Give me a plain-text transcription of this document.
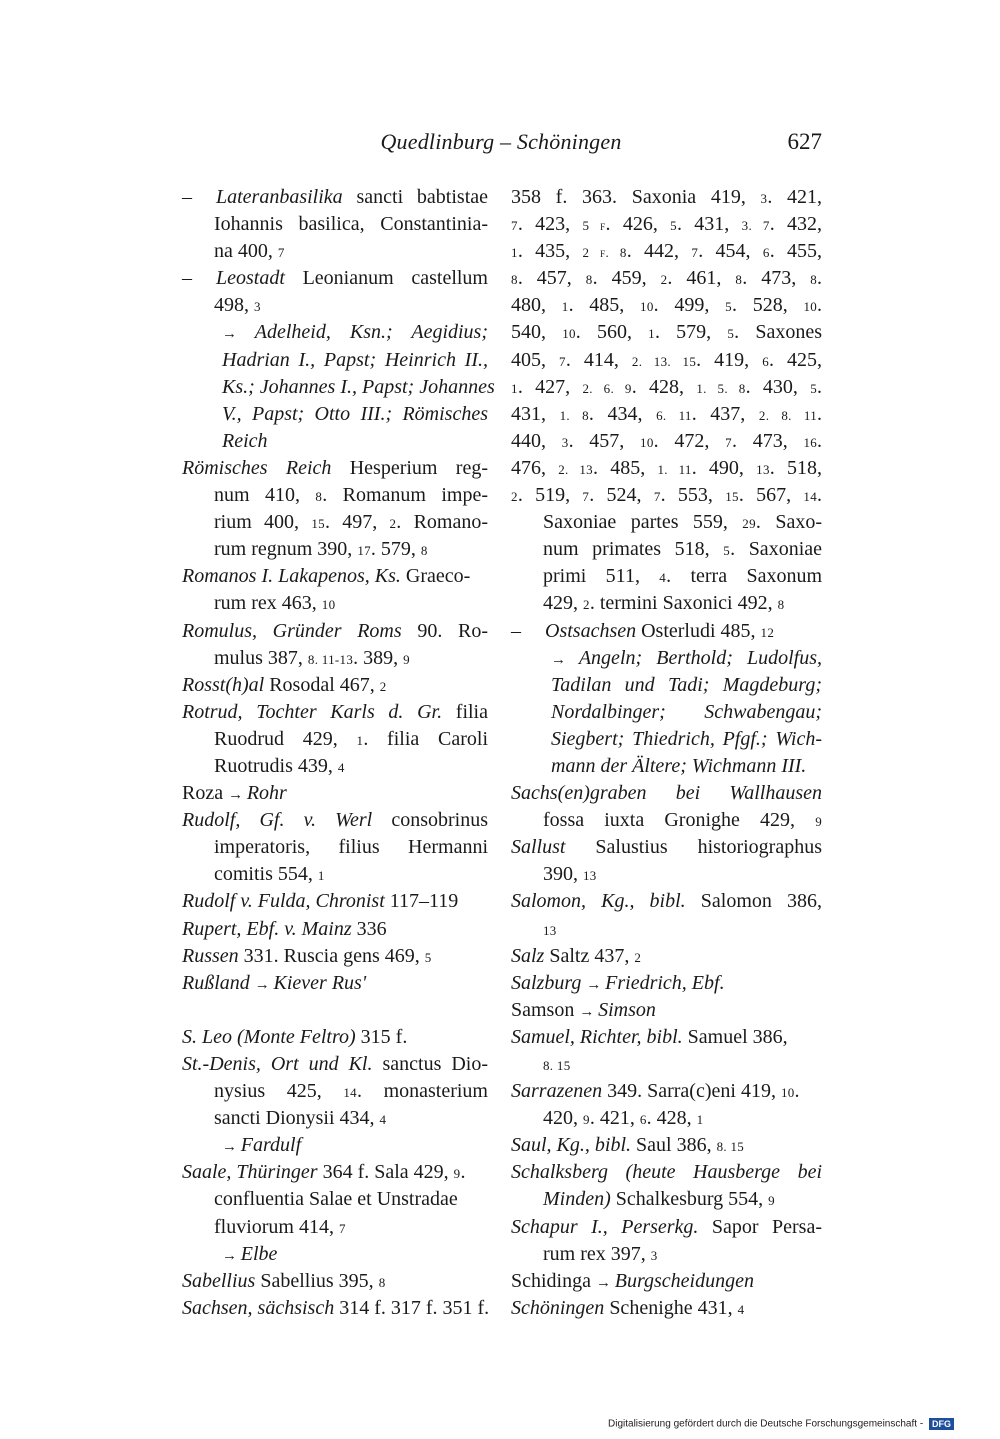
Quedlinburg – Schöningen	627
–Lateranbasilika sancti babtistae
Iohannis basilica, Constantinia-
na 400, 7
–Leostadt Leonianum castellum
498, 3
→ Adelheid, Ksn.; Aegidius;
Hadrian I., Papst; Heinrich II.,
Ks.; Johannes I., Papst; Johannes
V., Papst; Otto III.; Römisches
Reich
Römisches Reich Hesperium reg-
num 410, 8. Romanum impe-
rium 400, 15. 497, 2. Romano-
rum regnum 390, 17. 579, 8
Romanos I. Lakapenos, Ks. Graeco-
rum rex 463, 10
Romulus, Gründer Roms 90. Ro-
mulus 387, 8. 11-13. 389, 9
Rosst(h)al Rosodal 467, 2
Rotrud, Tochter Karls d. Gr. filia
Ruodrud 429, 1. filia Caroli
Ruotrudis 439, 4
Roza → Rohr
Rudolf, Gf. v. Werl consobrinus
imperatoris, filius Hermanni
comitis 554, 1
Rudolf v. Fulda, Chronist 117–119
Rupert, Ebf. v. Mainz 336
Russen 331. Ruscia gens 469, 5
Rußland → Kiever Rus'
S. Leo (Monte Feltro) 315 f.
St.-Denis, Ort und Kl. sanctus Dio-
nysius 425, 14. monasterium
sancti Dionysii 434, 4
→ Fardulf
Saale, Thüringer 364 f. Sala 429, 9.
confluentia Salae et Unstradae
fluviorum 414, 7
→ Elbe
Sabellius Sabellius 395, 8
Sachsen, sächsisch 314 f. 317 f. 351 f.
358 f. 363. Saxonia 419, 3. 421,
7. 423, 5 f. 426, 5. 431, 3. 7. 432,
1. 435, 2 f. 8. 442, 7. 454, 6. 455,
8. 457, 8. 459, 2. 461, 8. 473, 8.
480, 1. 485, 10. 499, 5. 528, 10.
540, 10. 560, 1. 579, 5. Saxones
405, 7. 414, 2. 13. 15. 419, 6. 425,
1. 427, 2. 6. 9. 428, 1. 5. 8. 430, 5.
431, 1. 8. 434, 6. 11. 437, 2. 8. 11.
440, 3. 457, 10. 472, 7. 473, 16.
476, 2. 13. 485, 1. 11. 490, 13. 518,
2. 519, 7. 524, 7. 553, 15. 567, 14.
Saxoniae partes 559, 29. Saxo-
num primates 518, 5. Saxoniae
primi 511, 4. terra Saxonum
429, 2. termini Saxonici 492, 8
–Ostsachsen Osterludi 485, 12
→ Angeln; Berthold; Ludolfus,
Tadilan und Tadi; Magdeburg;
Nordalbinger; Schwabengau;
Siegbert; Thiedrich, Pfgf.; Wich-
mann der Ältere; Wichmann III.
Sachs(en)graben bei Wallhausen
fossa iuxta Gronighe 429, 9
Sallust Salustius historiographus
390, 13
Salomon, Kg., bibl. Salomon 386,
13
Salz Saltz 437, 2
Salzburg → Friedrich, Ebf.
Samson → Simson
Samuel, Richter, bibl. Samuel 386,
8. 15
Sarrazenen 349. Sarra(c)eni 419, 10.
420, 9. 421, 6. 428, 1
Saul, Kg., bibl. Saul 386, 8. 15
Schalksberg (heute Hausberge bei
Minden) Schalkesburg 554, 9
Schapur I., Perserkg. Sapor Persa-
rum rex 397, 3
Schidinga → Burgscheidungen
Schöningen Schenighe 431, 4
Digitalisierung gefördert durch die Deutsche Forschungsgemeinschaft - DFG
